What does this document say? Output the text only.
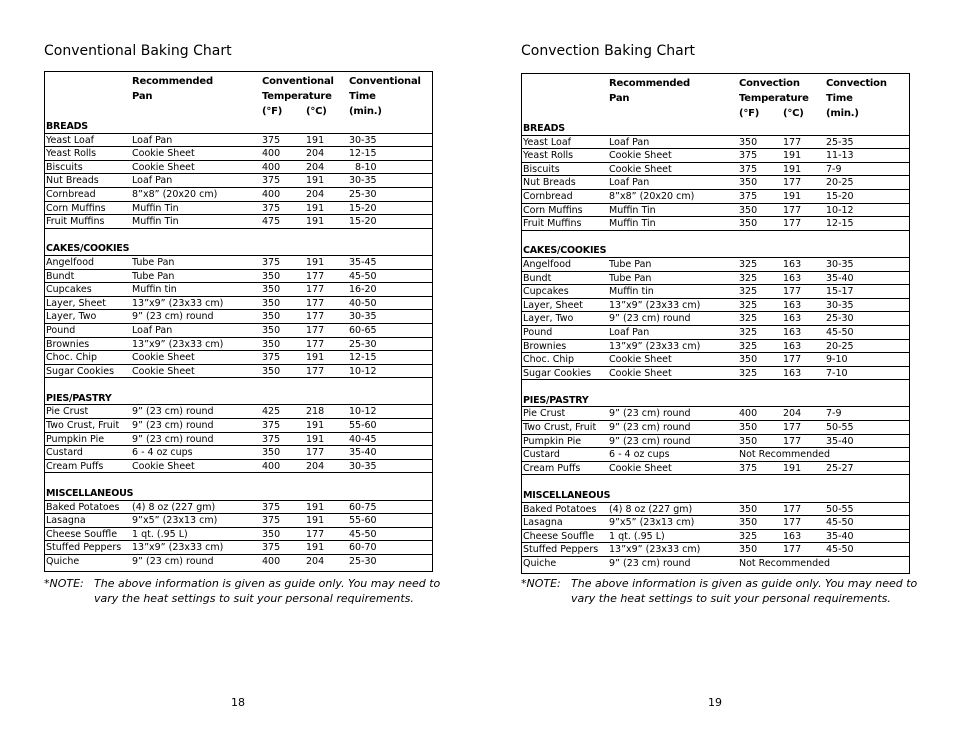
Conventional Baking Chart
Recommended
Pan
Conventional
Temperature
(°F) (°C)
Conventional
Time
(min.)
BREADS
Yeast Loaf	Loaf Pan	375	191	30-35
Yeast Rolls	Cookie Sheet	400	204	12-15
Biscuits	Cookie Sheet	400	204	8-10
Nut Breads	Loaf Pan	375	191	30-35
Cornbread	8”x8” (20x20 cm)	400	204	25-30
Corn Muffins	Muffin Tin	375	191	15-20
Fruit Muffins	Muffin Tin	475	191	15-20
CAKES/COOKIES
Angelfood	Tube Pan	375	191	35-45
Bundt	Tube Pan	350	177	45-50
Cupcakes	Muffin tin	350	177	16-20
Layer, Sheet	13”x9” (23x33 cm)	350	177	40-50
Layer, Two	9” (23 cm) round	350	177	30-35
Pound	Loaf Pan	350	177	60-65
Brownies	13”x9” (23x33 cm)	350	177	25-30
Choc. Chip	Cookie Sheet	375	191	12-15
Sugar Cookies Cookie Sheet	350	177	10-12
PIES/PASTRY
Pie Crust	9” (23 cm) round	425	218	10-12
Two Crust, Fruit 9” (23 cm) round	375	191	55-60
Pumpkin Pie	9” (23 cm) round	375	191	40-45
Custard	6 - 4 oz cups	350	177	35-40
Cream Puffs	Cookie Sheet	400	204	30-35
MISCELLANEOUS
Baked Potatoes (4) 8 oz (227 gm)	375	191	60-75
Lasagna	9”x5” (23x13 cm)	375	191	55-60
Cheese Souffle 1 qt. (.95 L)	350	177	45-50
Stuffed Peppers 13”x9” (23x33 cm)	375	191	60-70
Quiche	9” (23 cm) round	400	204	25-30
*NOTE: The above information is given as guide only. You may need to vary the heat settings to suit your personal requirements.
18
Convection Baking Chart
Recommended
Pan
Convection
Temperature
(°F) (°C)
Convection
Time
(min.)
BREADS
Yeast Loaf	Loaf Pan	350	177	25-35
Yeast Rolls	Cookie Sheet	375	191	11-13
Biscuits	Cookie Sheet	375	191	7-9
Nut Breads	Loaf Pan	350	177	20-25
Cornbread	8”x8” (20x20 cm)	375	191	15-20
Corn Muffins	Muffin Tin	350	177	10-12
Fruit Muffins	Muffin Tin	350	177	12-15
CAKES/COOKIES
Angelfood	Tube Pan	325	163	30-35
Bundt	Tube Pan	325	163	35-40
Cupcakes	Muffin tin	325	177	15-17
Layer, Sheet	13”x9” (23x33 cm)	325	163	30-35
Layer, Two	9” (23 cm) round	325	163	25-30
Pound	Loaf Pan	325	163	45-50
Brownies	13”x9” (23x33 cm)	325	163	20-25
Choc. Chip	Cookie Sheet	350	177	9-10
Sugar Cookies Cookie Sheet	325	163	7-10
PIES/PASTRY
Pie Crust	9” (23 cm) round	400	204	7-9
Two Crust, Fruit 9” (23 cm) round	350	177	50-55
Pumpkin Pie	9” (23 cm) round	350	177	35-40
Custard	6 - 4 oz cups	Not Recommended
Cream Puffs	Cookie Sheet	375	191	25-27
MISCELLANEOUS
Baked Potatoes (4) 8 oz (227 gm)	350	177	50-55
Lasagna	9”x5” (23x13 cm)	350	177	45-50
Cheese Souffle 1 qt. (.95 L)	325	163	35-40
Stuffed Peppers 13”x9” (23x33 cm)	350	177	45-50
Quiche	9” (23 cm) round	Not Recommended
*NOTE: The above information is given as guide only. You may need to vary the heat settings to suit your personal requirements.
19
